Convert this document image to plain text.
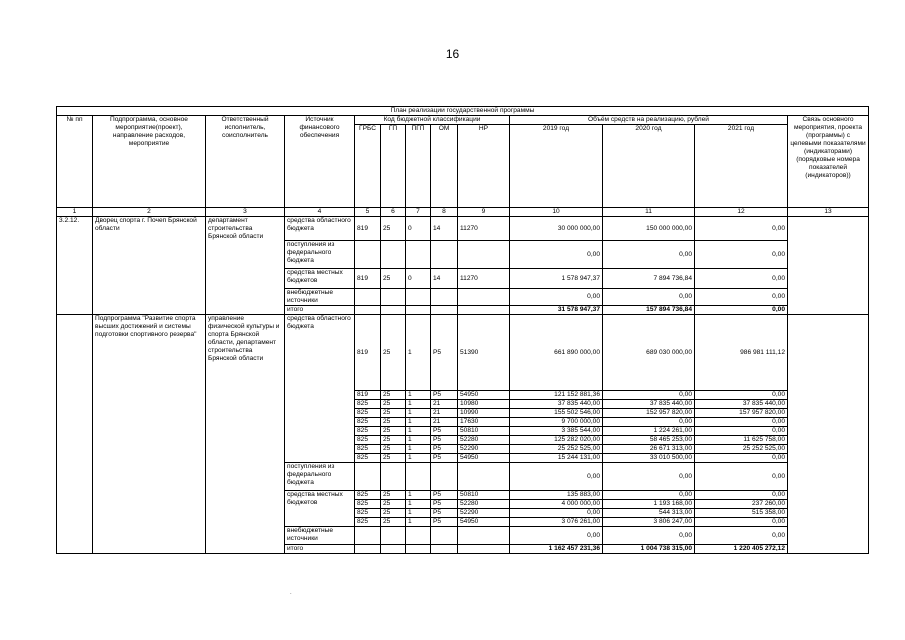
16
План реализации государственной программы												
№ пп	Подпрограмма, основное мероприятие(проект), направление расходов, мероприятие	Ответственный исполнитель, соисполнитель	Источник финансового обеспечения	Код бюджетной классификации					Объём средств на реализацию, рублей			Связь основного мероприятия, проекта (программы) с целевыми показателями (индикаторами) (порядковые номера показателей (индикаторов))
				ГРБС	ГП	ПГП	ОМ	НР	2019 год	2020 год	2021 год	
1	2	3	4	5	6	7	8	9	10	11	12	13
3.2.12.	Дворец спорта г. Почеп Брянской области	департамент строительства Брянской области	средства областного бюджета	819	25	0	14	11270	30 000 000,00	150 000 000,00	0,00	
			поступления из федерального бюджета						0,00	0,00	0,00	
			средства местных бюджетов	819	25	0	14	11270	1 578 947,37	7 894 736,84	0,00	
			внебюджетные источники						0,00	0,00	0,00	
			итого						31 578 947,37	157 894 736,84	0,00	
	Подпрограмма "Развитие спорта высших достижений и системы подготовки спортивного резерва"	управление физической культуры и спорта Брянской области, департамент строительства Брянской области	средства областного бюджета	819	25	1	Р5	51390	661 890 000,00	689 030 000,00	986 981 111,12	
				819	25	1	Р5	54950	121 152 881,36	0,00	0,00	
				825	25	1	21	10980	37 835 440,00	37 835 440,00	37 835 440,00	
				825	25	1	21	10990	155 502 546,00	152 957 820,00	157 957 820,00	
				825	25	1	21	17630	9 700 000,00	0,00	0,00	
				825	25	1	Р5	50810	3 385 544,00	1 224 261,00	0,00	
				825	25	1	Р5	52280	125 282 020,00	58 465 253,00	11 625 758,00	
				825	25	1	Р5	52290	25 252 525,00	26 671 313,00	25 252 525,00	
				825	25	1	Р5	54950	15 244 131,00	33 010 500,00	0,00	
			поступления из федерального бюджета						0,00	0,00	0,00	
			средства местных бюджетов	825	25	1	Р5	50810	135 883,00	0,00	0,00	
				825	25	1	Р5	52280	4 000 000,00	1 193 168,00	237 260,00	
				825	25	1	Р5	52290	0,00	544 313,00	515 358,00	
				825	25	1	Р5	54950	3 076 261,00	3 806 247,00	0,00	
			внебюджетные источники						0,00	0,00	0,00	
			итого						1 162 457 231,36	1 004 738 315,00	1 220 405 272,12	
.
